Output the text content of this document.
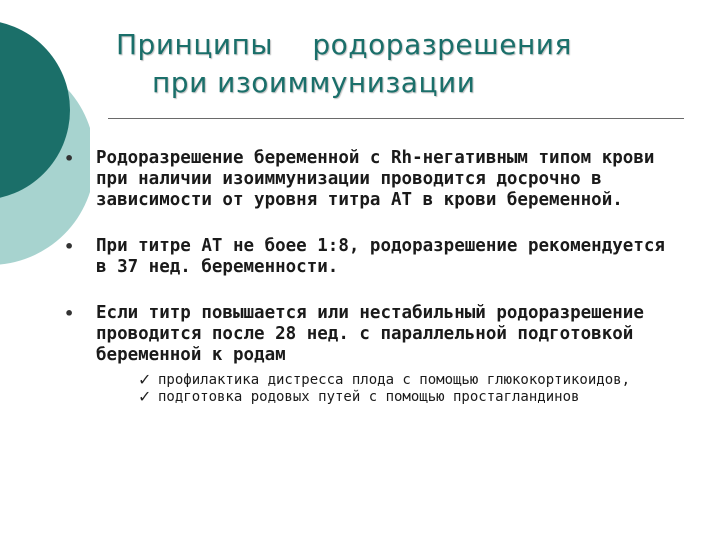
Принципы родоразрешения
при изоиммунизации
• Родоразрешение беременной с Rh-негативным типом крови при наличии изоиммунизации проводится досрочно в зависимости от уровня титра АТ в крови беременной.
• При титре АТ не боее 1:8, родоразрешение рекомендуется в 37 нед. беременности.
• Если титр повышается или нестабильный родоразрешение проводится после 28 нед. с параллельной подготовкой беременной к родам
✓ профилактика дистресса плода с помощью глюкокортикоидов,
✓ подготовка родовых путей с помощью простагландинов
